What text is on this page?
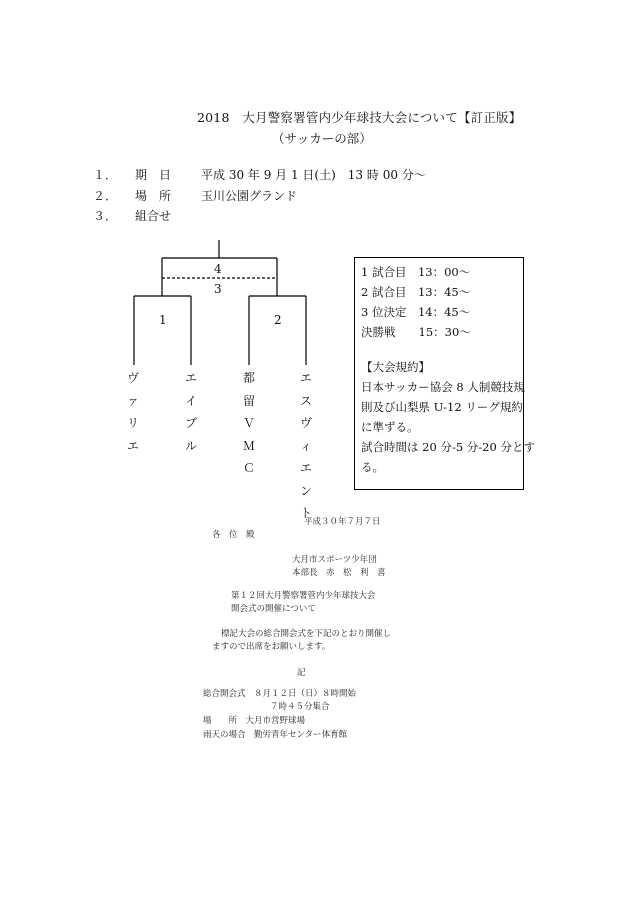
2018　大月警察署管内少年球技大会について【訂正版】
（サッカーの部）
１． 期　日 平成 30 年 9 月 1 日(土)　13 時 00 分～
２． 場　所 玉川公園グランド
３． 組合せ
4
3
1	2
ヴァリエ
エイブル
都留ＶＭＣ
エスヴィエント
1 試合目　13：00～
2 試合目　13：45～
3 位決定　14：45～
決勝戦　　15：30～
【大会規約】
日本サッカー協会 8 人制競技規
則及び山梨県 U-12 リーグ規約
に準ずる。
試合時間は 20 分-5 分-20 分とす
る。
平成３０年７月７日
各　位　殿
大月市スポーツ少年団
本部長　赤　松　利　喜
第１２回大月警察署管内少年球技大会
開会式の開催について
標記大会の総合開会式を下記のとおり開催し
ますので出席をお願いします。
記
総合開会式　８月１２日（日）８時開始
７時４５分集合
場　　所　大月市営野球場
雨天の場合　勤労青年センター体育館
